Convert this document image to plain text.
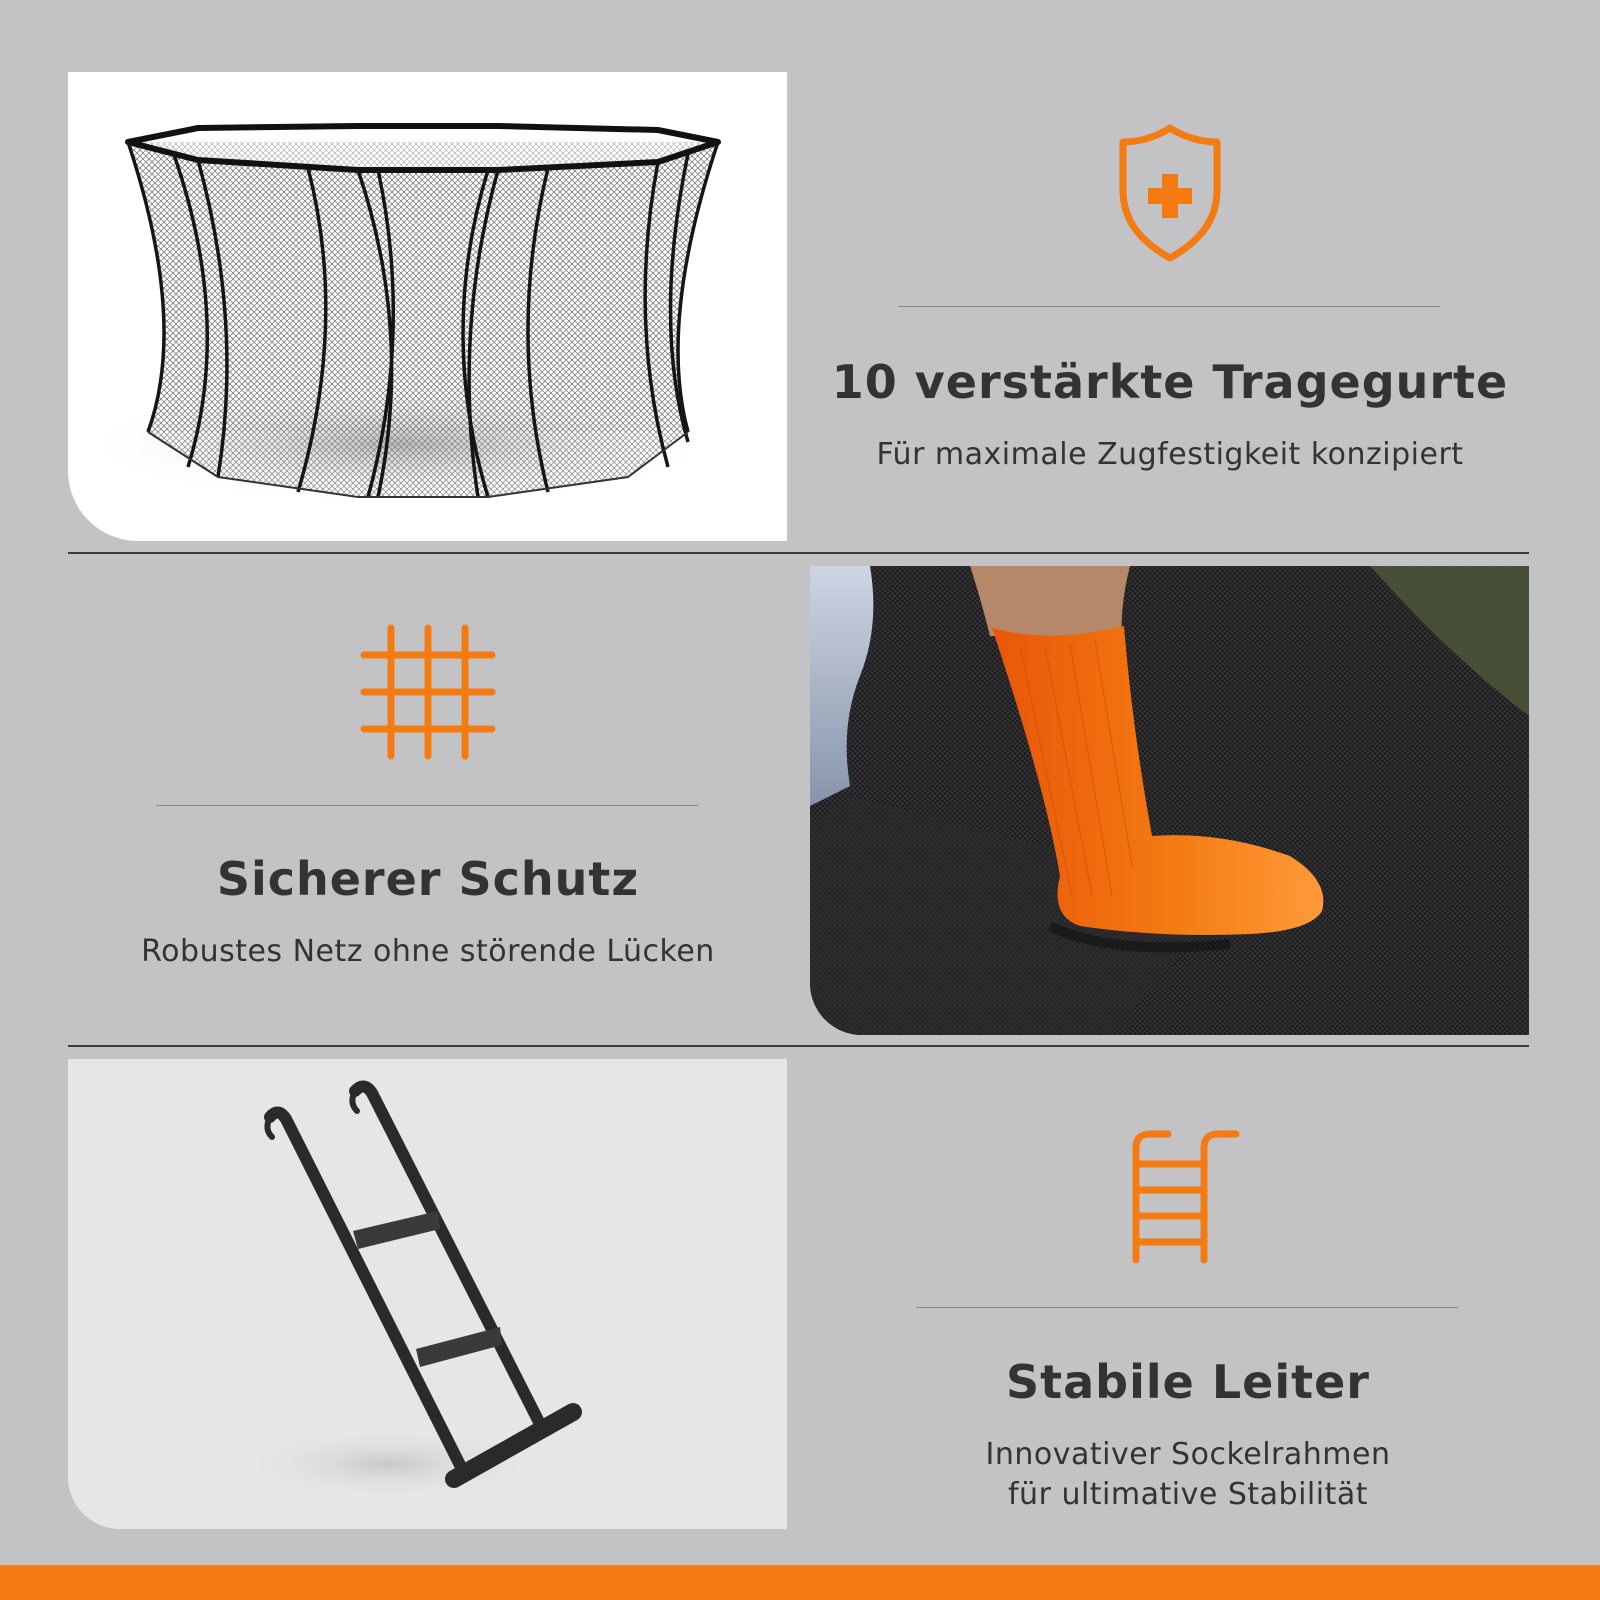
10 verstärkte Tragegurte
Für maximale Zugfestigkeit konzipiert
Sicherer Schutz
Robustes Netz ohne störende Lücken
Stabile Leiter
Innovativer Sockelrahmen
für ultimative Stabilität
